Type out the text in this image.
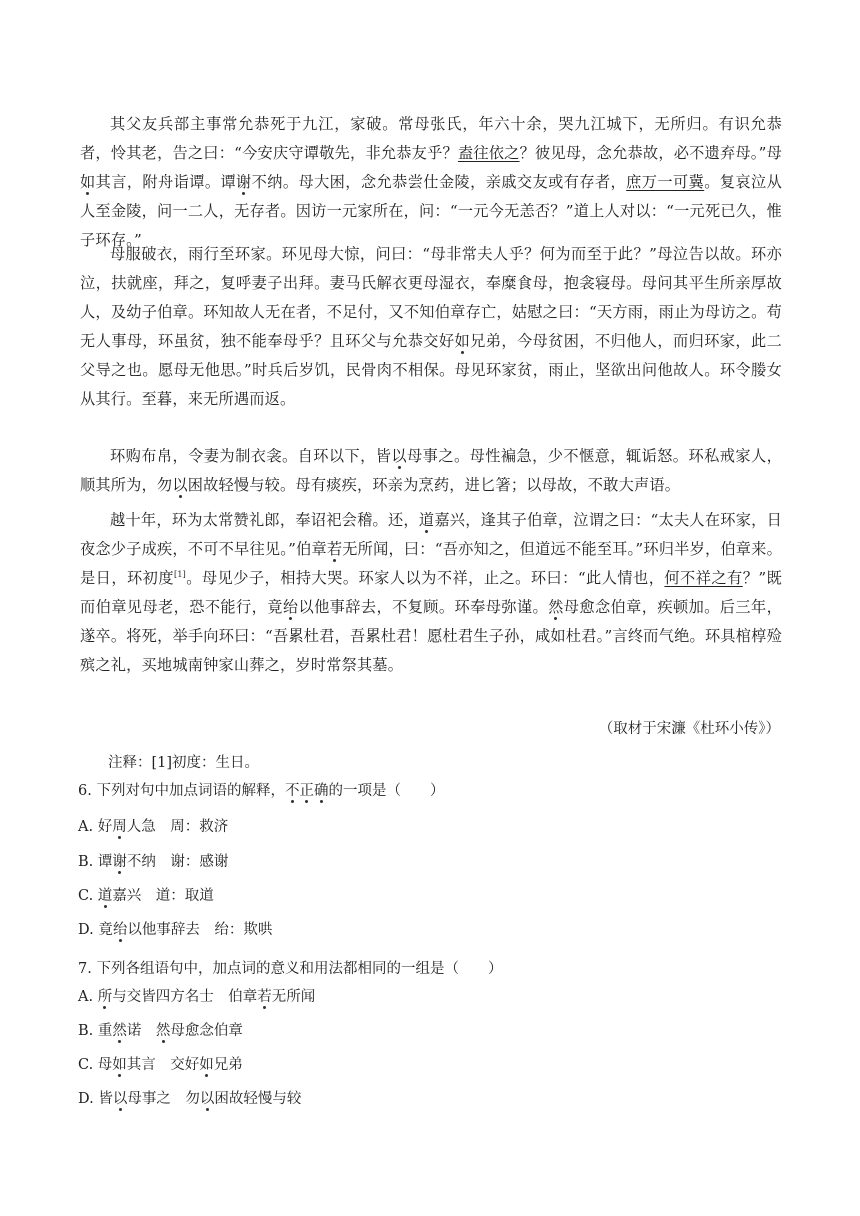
其父友兵部主事常允恭死于九江，家破。常母张氏，年六十余，哭九江城下，无所归。有识允恭者，怜其老，告之曰：“今安庆守谭敬先，非允恭友乎？盍往依之？彼见母，念允恭故，必不遗弃母。”母如其言，附舟诣谭。谭谢不纳。母大困，念允恭尝仕金陵，亲戚交友或有存者，庶万一可冀。复哀泣从人至金陵，问一二人，无存者。因访一元家所在，问：“一元今无恙否？”道上人对以：“一元死已久，惟子环存。”

母服破衣，雨行至环家。环见母大惊，问曰：“母非常夫人乎？何为而至于此？”母泣告以故。环亦泣，扶就座，拜之，复呼妻子出拜。妻马氏解衣更母湿衣，奉糜食母，抱衾寝母。母问其平生所亲厚故人，及幼子伯章。环知故人无在者，不足付，又不知伯章存亡，姑慰之曰：“天方雨，雨止为母访之。苟无人事母，环虽贫，独不能奉母乎？且环父与允恭交好如兄弟，今母贫困，不归他人，而归环家，此二父导之也。愿母无他思。”时兵后岁饥，民骨肉不相保。母见环家贫，雨止，坚欲出问他故人。环令媵女从其行。至暮，来无所遇而返。

环购布帛，令妻为制衣衾。自环以下，皆以母事之。母性褊急，少不惬意，辄诟怒。环私戒家人，顺其所为，勿以困故轻慢与较。母有痰疾，环亲为烹药，进匕箸；以母故，不敢大声语。

越十年，环为太常赞礼郎，奉诏祀会稽。还，道嘉兴，逢其子伯章，泣谓之曰：“太夫人在环家，日夜念少子成疾，不可不早往见。”伯章若无所闻，曰：“吾亦知之，但道远不能至耳。”环归半岁，伯章来。是日，环初度[1]。母见少子，相持大哭。环家人以为不祥，止之。环曰：“此人情也，何不祥之有？”既而伯章见母老，恐不能行，竟绐以他事辞去，不复顾。环奉母弥谨。然母愈念伯章，疾顿加。后三年，遂卒。将死，举手向环曰：“吾累杜君，吾累杜君！愿杜君生子孙，咸如杜君。”言终而气绝。环具棺椁殓殡之礼，买地城南钟家山葬之，岁时常祭其墓。

（取材于宋濂《杜环小传》）
注释：[1]初度：生日。
6. 下列对句中加点词语的解释，不正确的一项是（　　）
A. 好周人急　周：救济
B. 谭谢不纳　谢：感谢
C. 道嘉兴　道：取道
D. 竟绐以他事辞去　绐：欺哄
7. 下列各组语句中，加点词的意义和用法都相同的一组是（　　）
A. 所与交皆四方名士　伯章若无所闻
B. 重然诺　然母愈念伯章
C. 母如其言　交好如兄弟
D. 皆以母事之　勿以困故轻慢与较
